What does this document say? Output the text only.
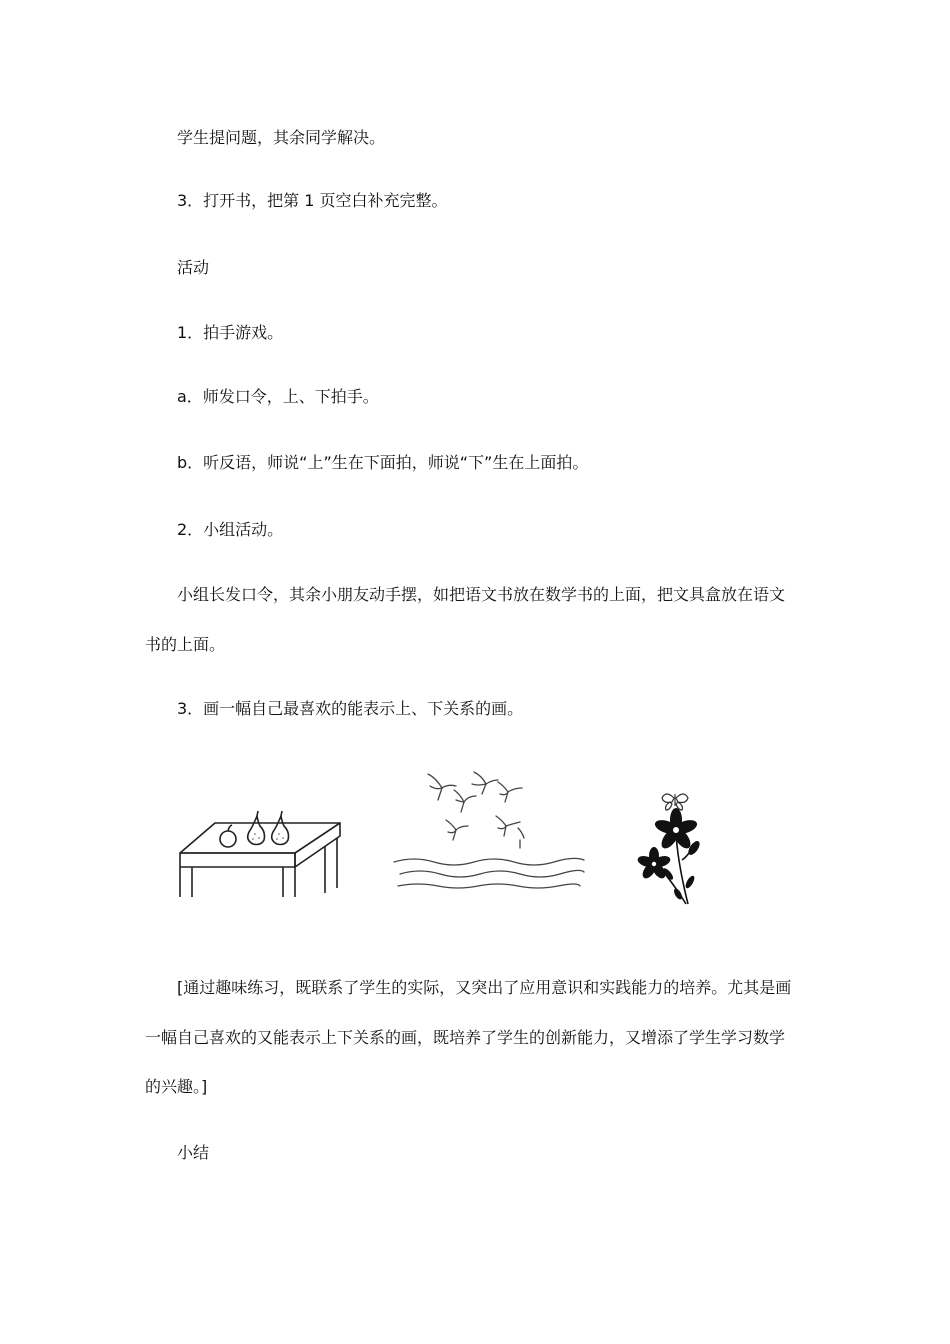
学生提问题，其余同学解决。
3．打开书，把第 1 页空白补充完整。
活动
1．拍手游戏。
a．师发口令，上、下拍手。
b．听反语，师说“上”生在下面拍，师说“下”生在上面拍。
2．小组活动。
小组长发口令，其余小朋友动手摆，如把语文书放在数学书的上面，把文具盒放在语文
书的上面。
3．画一幅自己最喜欢的能表示上、下关系的画。
[通过趣味练习，既联系了学生的实际，又突出了应用意识和实践能力的培养。尤其是画
一幅自己喜欢的又能表示上下关系的画，既培养了学生的创新能力，又增添了学生学习数学
的兴趣。]
小结
